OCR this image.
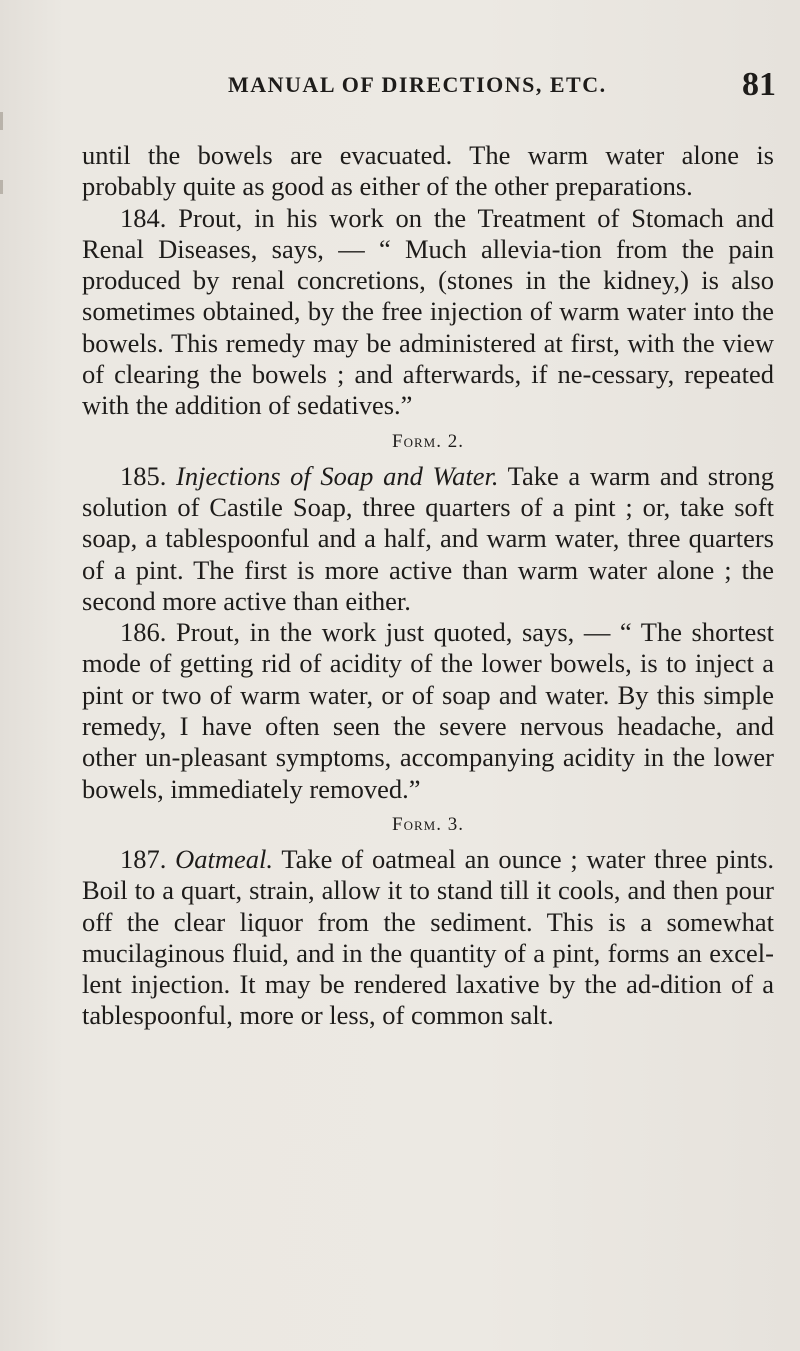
MANUAL OF DIRECTIONS, ETC.	81

until the bowels are evacuated. The warm water alone is probably quite as good as either of the other preparations.

184. Prout, in his work on the Treatment of Stomach and Renal Diseases, says, — “ Much allevia-tion from the pain produced by renal concretions, (stones in the kidney,) is also sometimes obtained, by the free injection of warm water into the bowels. This remedy may be administered at first, with the view of clearing the bowels ; and afterwards, if ne-cessary, repeated with the addition of sedatives.”

Form. 2.

185. Injections of Soap and Water. Take a warm and strong solution of Castile Soap, three quarters of a pint ; or, take soft soap, a tablespoonful and a half, and warm water, three quarters of a pint. The first is more active than warm water alone ; the second more active than either.

186. Prout, in the work just quoted, says, — “ The shortest mode of getting rid of acidity of the lower bowels, is to inject a pint or two of warm water, or of soap and water. By this simple remedy, I have often seen the severe nervous headache, and other un-pleasant symptoms, accompanying acidity in the lower bowels, immediately removed.”

Form. 3.

187. Oatmeal. Take of oatmeal an ounce ; water three pints. Boil to a quart, strain, allow it to stand till it cools, and then pour off the clear liquor from the sediment. This is a somewhat mucilaginous fluid, and in the quantity of a pint, forms an excel-lent injection. It may be rendered laxative by the ad-dition of a tablespoonful, more or less, of common salt.
